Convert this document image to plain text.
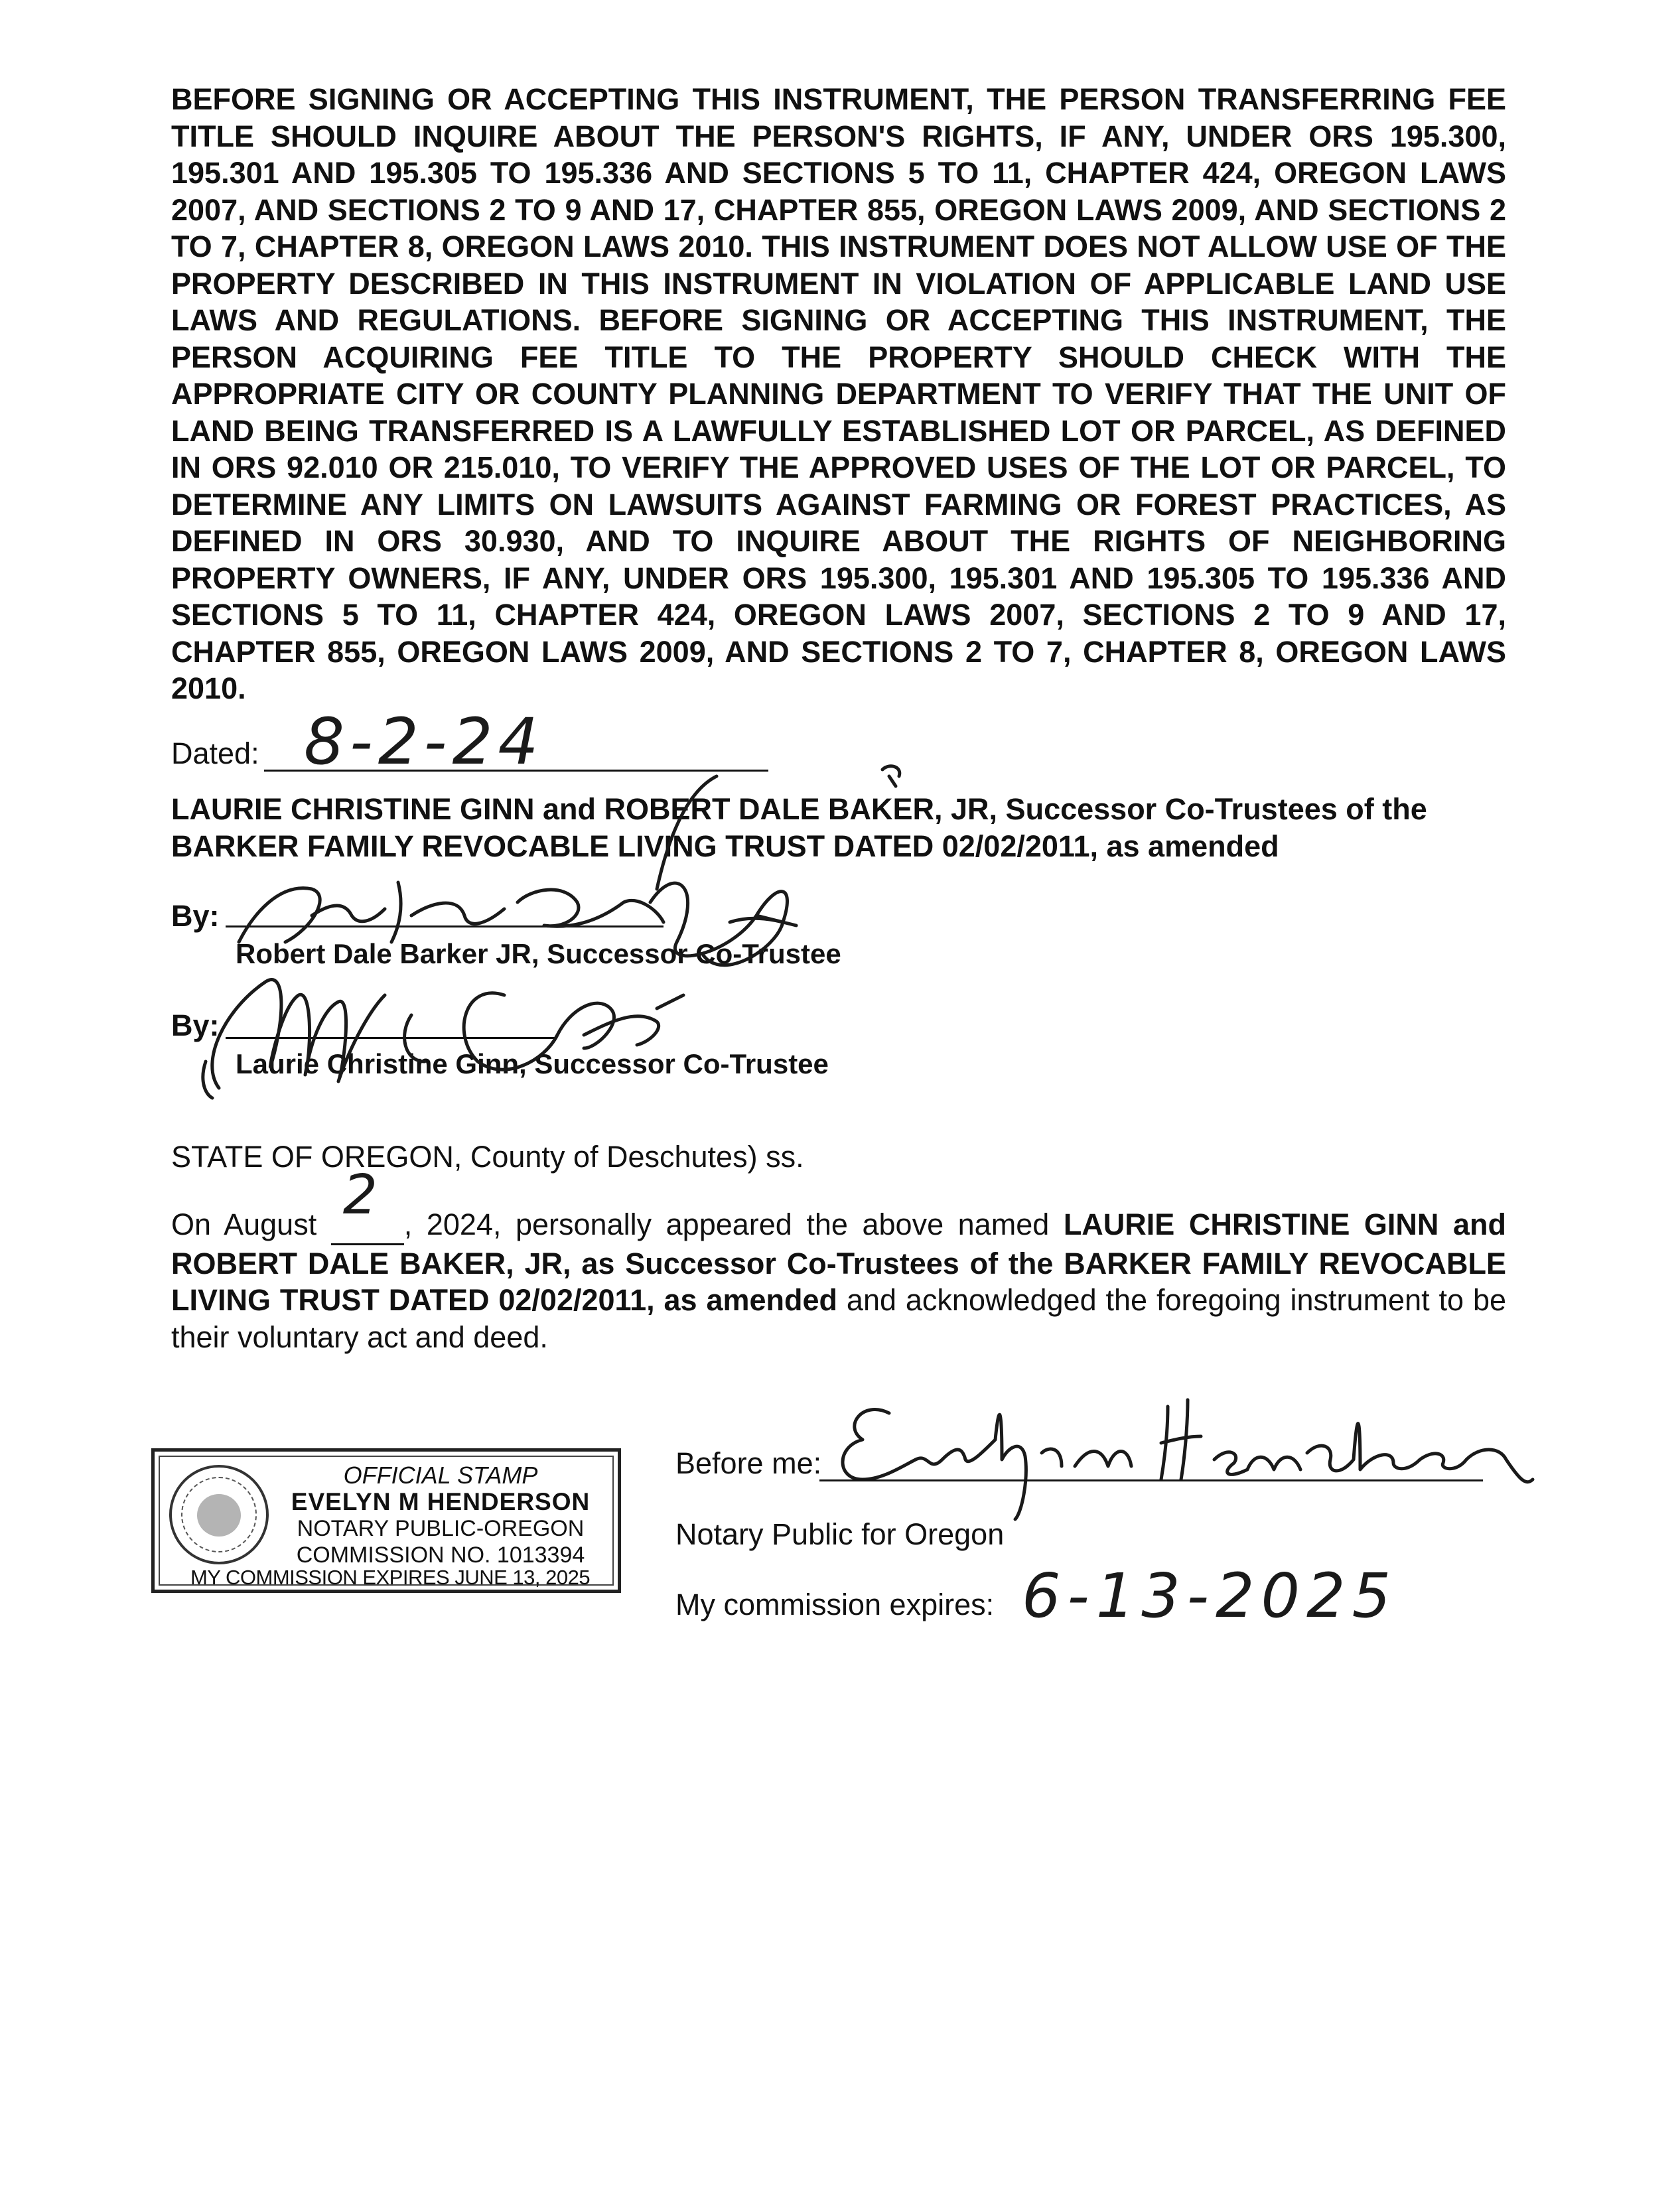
BEFORE SIGNING OR ACCEPTING THIS INSTRUMENT, THE PERSON TRANSFERRING FEE TITLE SHOULD INQUIRE ABOUT THE PERSON'S RIGHTS, IF ANY, UNDER ORS 195.300, 195.301 AND 195.305 TO 195.336 AND SECTIONS 5 TO 11, CHAPTER 424, OREGON LAWS 2007, AND SECTIONS 2 TO 9 AND 17, CHAPTER 855, OREGON LAWS 2009, AND SECTIONS 2 TO 7, CHAPTER 8, OREGON LAWS 2010. THIS INSTRUMENT DOES NOT ALLOW USE OF THE PROPERTY DESCRIBED IN THIS INSTRUMENT IN VIOLATION OF APPLICABLE LAND USE LAWS AND REGULATIONS. BEFORE SIGNING OR ACCEPTING THIS INSTRUMENT, THE PERSON ACQUIRING FEE TITLE TO THE PROPERTY SHOULD CHECK WITH THE APPROPRIATE CITY OR COUNTY PLANNING DEPARTMENT TO VERIFY THAT THE UNIT OF LAND BEING TRANSFERRED IS A LAWFULLY ESTABLISHED LOT OR PARCEL, AS DEFINED IN ORS 92.010 OR 215.010, TO VERIFY THE APPROVED USES OF THE LOT OR PARCEL, TO DETERMINE ANY LIMITS ON LAWSUITS AGAINST FARMING OR FOREST PRACTICES, AS DEFINED IN ORS 30.930, AND TO INQUIRE ABOUT THE RIGHTS OF NEIGHBORING PROPERTY OWNERS, IF ANY, UNDER ORS 195.300, 195.301 AND 195.305 TO 195.336 AND SECTIONS 5 TO 11, CHAPTER 424, OREGON LAWS 2007, SECTIONS 2 TO 9 AND 17, CHAPTER 855, OREGON LAWS 2009, AND SECTIONS 2 TO 7, CHAPTER 8, OREGON LAWS 2010.

Dated: 8-2-24

LAURIE CHRISTINE GINN and ROBERT DALE BAKER, JR, Successor Co-Trustees of the BARKER FAMILY REVOCABLE LIVING TRUST DATED 02/02/2011, as amended

By:
Robert Dale Barker JR, Successor Co-Trustee
By:
Laurie Christine Ginn, Successor Co-Trustee
STATE OF OREGON, County of Deschutes) ss.

On August 2 , 2024, personally appeared the above named LAURIE CHRISTINE GINN and ROBERT DALE BAKER, JR, as Successor Co-Trustees of the BARKER FAMILY REVOCABLE LIVING TRUST DATED 02/02/2011, as amended and acknowledged the foregoing instrument to be their voluntary act and deed.

OFFICIAL STAMP
EVELYN M HENDERSON
NOTARY PUBLIC-OREGON
COMMISSION NO. 1013394
MY COMMISSION EXPIRES JUNE 13, 2025
Before me:
Notary Public for Oregon
My commission expires: 6-13-2025
